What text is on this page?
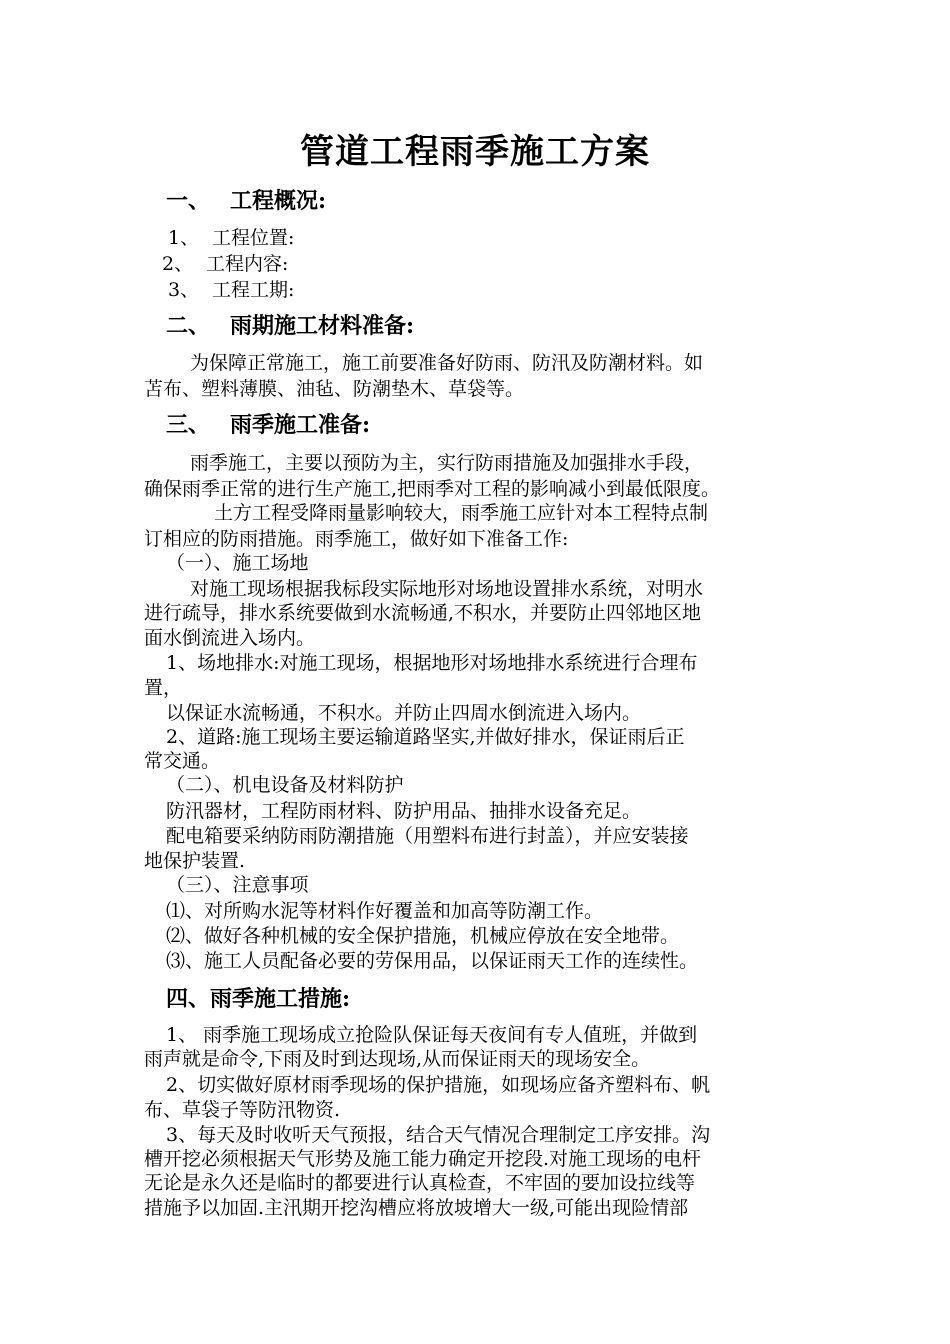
管道工程雨季施工方案
一、 工程概况:
1、 工程位置:
2、 工程内容:
3、 工程工期:
二、 雨期施工材料准备:
为保障正常施工，施工前要准备好防雨、防汛及防潮材料。如
苫布、塑料薄膜、油毡、防潮垫木、草袋等。
三、 雨季施工准备:
雨季施工，主要以预防为主，实行防雨措施及加强排水手段，
确保雨季正常的进行生产施工,把雨季对工程的影响减小到最低限度。
土方工程受降雨量影响较大，雨季施工应针对本工程特点制
订相应的防雨措施。雨季施工，做好如下准备工作:
（一）、施工场地
对施工现场根据我标段实际地形对场地设置排水系统，对明水
进行疏导，排水系统要做到水流畅通,不积水，并要防止四邻地区地
面水倒流进入场内。
1、场地排水:对施工现场，根据地形对场地排水系统进行合理布
置，
以保证水流畅通，不积水。并防止四周水倒流进入场内。
2、道路:施工现场主要运输道路坚实,并做好排水，保证雨后正
常交通。
（二）、机电设备及材料防护
防汛器材，工程防雨材料、防护用品、抽排水设备充足。
配电箱要采纳防雨防潮措施（用塑料布进行封盖），并应安装接
地保护装置.
（三）、注意事项
⑴、对所购水泥等材料作好覆盖和加高等防潮工作。
⑵、做好各种机械的安全保护措施，机械应停放在安全地带。
⑶、施工人员配备必要的劳保用品，以保证雨天工作的连续性。
四、雨季施工措施:
1、 雨季施工现场成立抢险队保证每天夜间有专人值班，并做到
雨声就是命令,下雨及时到达现场,从而保证雨天的现场安全。
2、切实做好原材雨季现场的保护措施，如现场应备齐塑料布、帆
布、草袋子等防汛物资.
3、每天及时收听天气预报，结合天气情况合理制定工序安排。沟
槽开挖必须根据天气形势及施工能力确定开挖段.对施工现场的电杆
无论是永久还是临时的都要进行认真检查，不牢固的要加设拉线等
措施予以加固.主汛期开挖沟槽应将放坡增大一级,可能出现险情部
